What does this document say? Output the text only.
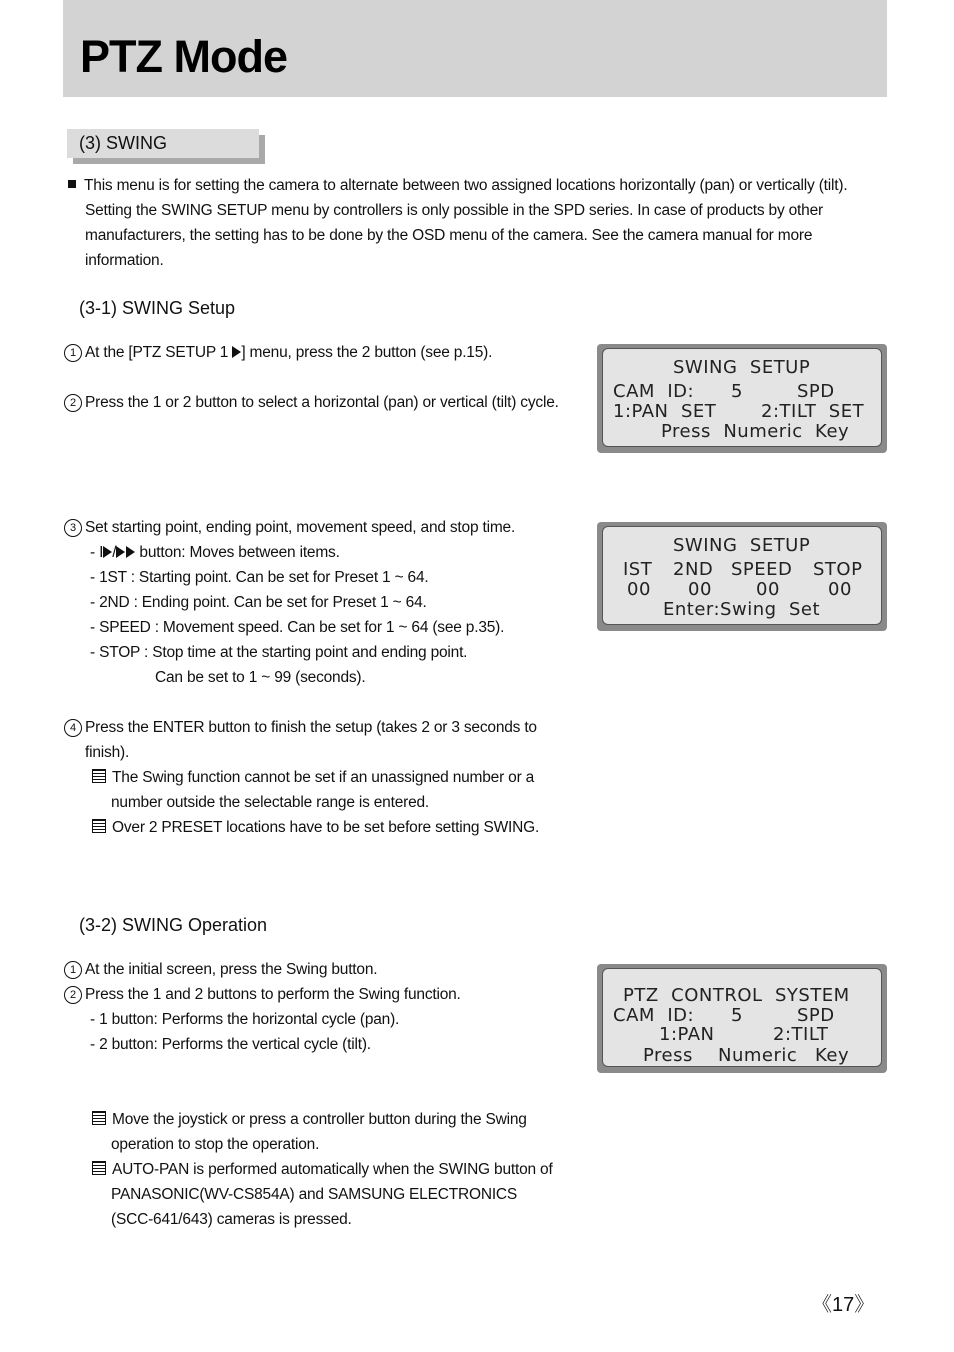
PTZ Mode
(3) SWING
This menu is for setting the camera to alternate between two assigned locations horizontally (pan) or vertically (tilt).
Setting the SWING SETUP menu by controllers is only possible in the SPD series. In case of products by other
manufacturers, the setting has to be done by the OSD menu of the camera. See the camera manual for more
information.
(3-1) SWING Setup
1 At the [PTZ SETUP 1 ] menu, press the 2 button (see p.15).
2 Press the 1 or 2 button to select a horizontal (pan) or vertical (tilt) cycle.
3 Set starting point, ending point, movement speed, and stop time.
- I / button: Moves between items.
- 1ST : Starting point. Can be set for Preset 1 ~ 64.
- 2ND : Ending point. Can be set for Preset 1 ~ 64.
- SPEED : Movement speed. Can be set for 1 ~ 64 (see p.35).
- STOP : Stop time at the starting point and ending point.
Can be set to 1 ~ 99 (seconds).
4 Press the ENTER button to finish the setup (takes 2 or 3 seconds to
finish).
The Swing function cannot be set if an unassigned number or a
number outside the selectable range is entered.
Over 2 PRESET locations have to be set before setting SWING.
(3-2) SWING Operation
1 At the initial screen, press the Swing button.
2 Press the 1 and 2 buttons to perform the Swing function.
- 1 button: Performs the horizontal cycle (pan).
- 2 button: Performs the vertical cycle (tilt).
Move the joystick or press a controller button during the Swing
operation to stop the operation.
AUTO-PAN is performed automatically when the SWING button of
PANASONIC(WV-CS854A) and SAMSUNG ELECTRONICS
(SCC-641/643) cameras is pressed.
SWING  SETUP
CAM  ID: 5	SPD
1:PAN  SET 2:TILT  SET
Press  Numeric  Key
SWING  SETUP
IST 2ND SPEED STOP
00 00 00	00
Enter:Swing  Set
PTZ  CONTROL  SYSTEM
CAM  ID: 5	SPD
1:PAN	2:TILT
Press Numeric Key
《17》
